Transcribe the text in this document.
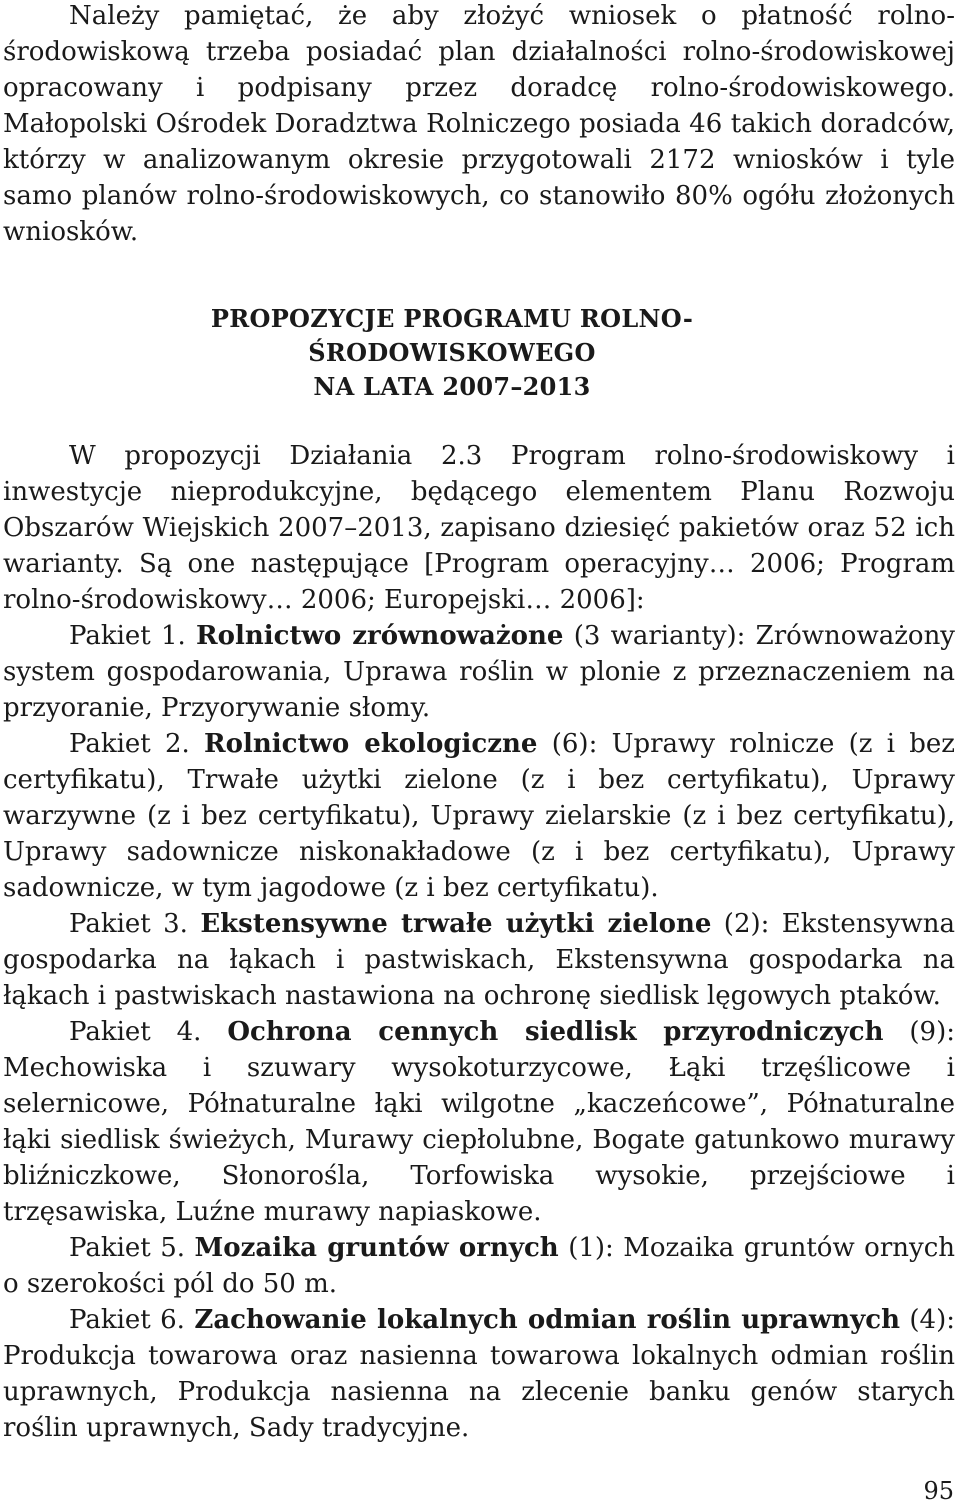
Należy pamiętać, że aby złożyć wniosek o płatność rolno-środowiskową trzeba posiadać plan działalności rolno-środowiskowej opracowany i podpisany przez doradcę rolno-środowiskowego. Małopolski Ośrodek Doradztwa Rolniczego posiada 46 takich doradców, którzy w analizowanym okresie przygotowali 2172 wniosków i tyle samo planów rolno-środowiskowych, co stanowiło 80% ogółu złożonych wniosków.

PROPOZYCJE PROGRAMU ROLNO-ŚRODOWISKOWEGO
NA LATA 2007–2013

W propozycji Działania 2.3 Program rolno-środowiskowy i inwestycje nieprodukcyjne, będącego elementem Planu Rozwoju Obszarów Wiejskich 2007–2013, zapisano dziesięć pakietów oraz 52 ich warianty. Są one następujące [Program operacyjny… 2006; Program rolno-środowiskowy… 2006; Europejski… 2006]:

Pakiet 1. Rolnictwo zrównoważone (3 warianty): Zrównoważony system gospodarowania, Uprawa roślin w plonie z przeznaczeniem na przyoranie, Przyorywanie słomy.

Pakiet 2. Rolnictwo ekologiczne (6): Uprawy rolnicze (z i bez certyfikatu), Trwałe użytki zielone (z i bez certyfikatu), Uprawy warzywne (z i bez certyfikatu), Uprawy zielarskie (z i bez certyfikatu), Uprawy sadownicze niskonakładowe (z i bez certyfikatu), Uprawy sadownicze, w tym jagodowe (z i bez certyfikatu).

Pakiet 3. Ekstensywne trwałe użytki zielone (2): Ekstensywna gospodarka na łąkach i pastwiskach, Ekstensywna gospodarka na łąkach i pastwiskach nastawiona na ochronę siedlisk lęgowych ptaków.

Pakiet 4. Ochrona cennych siedlisk przyrodniczych (9): Mechowiska i szuwary wysokoturzycowe, Łąki trzęślicowe i selernicowe, Półnaturalne łąki wilgotne „kaczeńcowe”, Półnaturalne łąki siedlisk świeżych, Murawy ciepłolubne, Bogate gatunkowo murawy bliźniczkowe, Słonorośla, Torfowiska wysokie, przejściowe i trzęsawiska, Luźne murawy napiaskowe.

Pakiet 5. Mozaika gruntów ornych (1): Mozaika gruntów ornych o szerokości pól do 50 m.

Pakiet 6. Zachowanie lokalnych odmian roślin uprawnych (4): Produkcja towarowa oraz nasienna towarowa lokalnych odmian roślin uprawnych, Produkcja nasienna na zlecenie banku genów starych roślin uprawnych, Sady tradycyjne.

95
